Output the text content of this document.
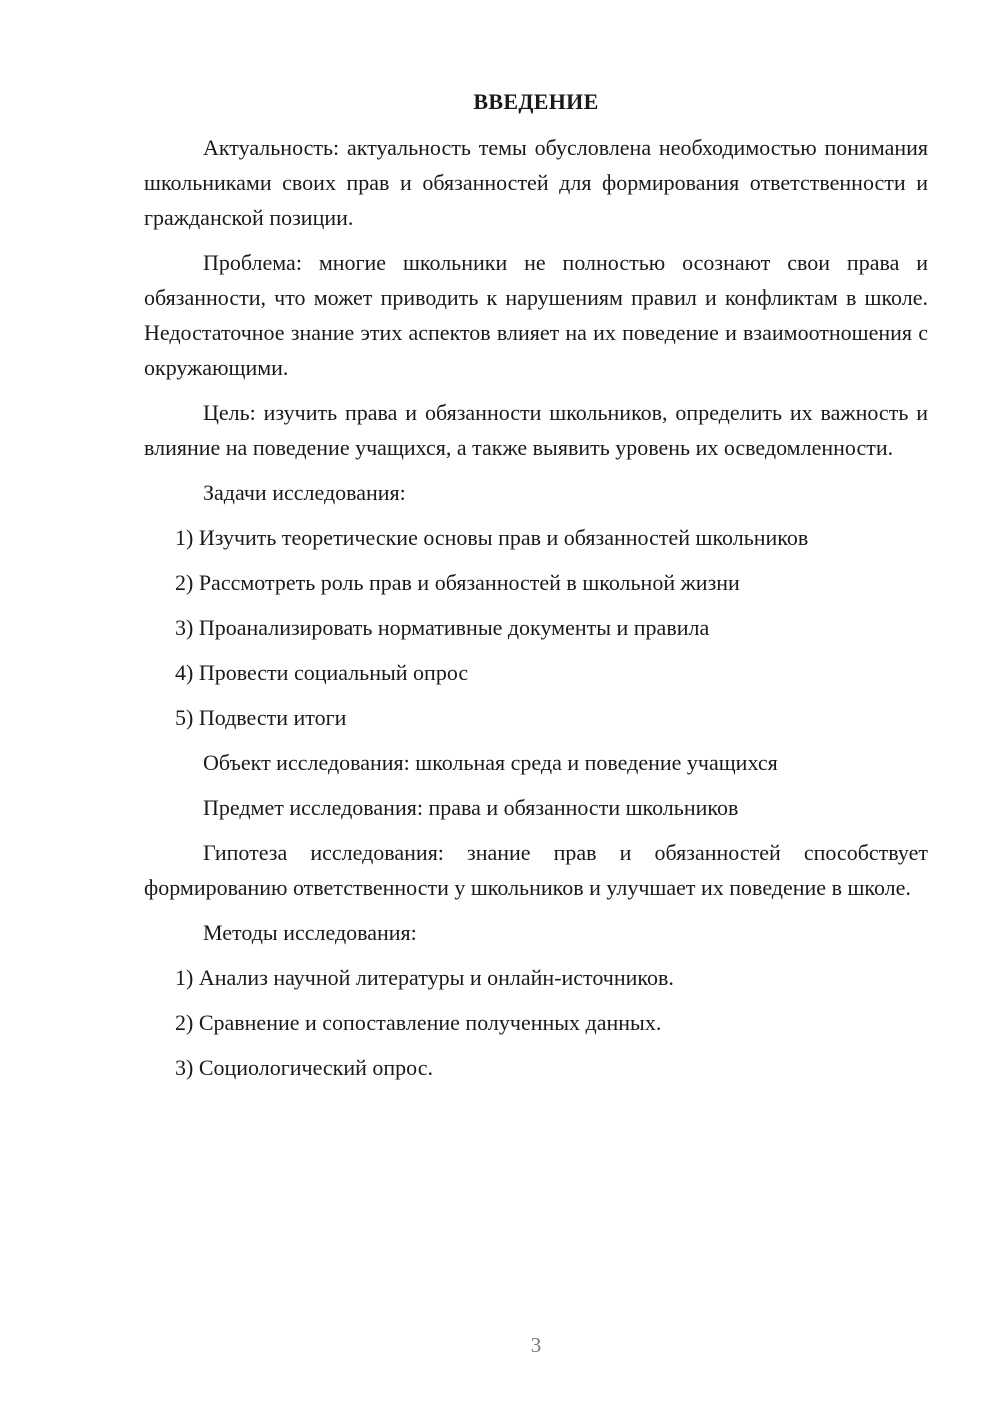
ВВЕДЕНИЕ

Актуальность: актуальность темы обусловлена необходимостью понимания школьниками своих прав и обязанностей для формирования ответственности и гражданской позиции.

Проблема: многие школьники не полностью осознают свои права и обязанности, что может приводить к нарушениям правил и конфликтам в школе. Недостаточное знание этих аспектов влияет на их поведение и взаимоотношения с окружающими.

Цель: изучить права и обязанности школьников, определить их важность и влияние на поведение учащихся, а также выявить уровень их осведомленности.

Задачи исследования:

1) Изучить теоретические основы прав и обязанностей школьников
2) Рассмотреть роль прав и обязанностей в школьной жизни
3) Проанализировать нормативные документы и правила
4) Провести социальный опрос
5) Подвести итоги

Объект исследования: школьная среда и поведение учащихся

Предмет исследования: права и обязанности школьников

Гипотеза исследования: знание прав и обязанностей способствует формированию ответственности у школьников и улучшает их поведение в школе.

Методы исследования:

1) Анализ научной литературы и онлайн-источников.
2) Сравнение и сопоставление полученных данных.
3) Социологический опрос.
3
